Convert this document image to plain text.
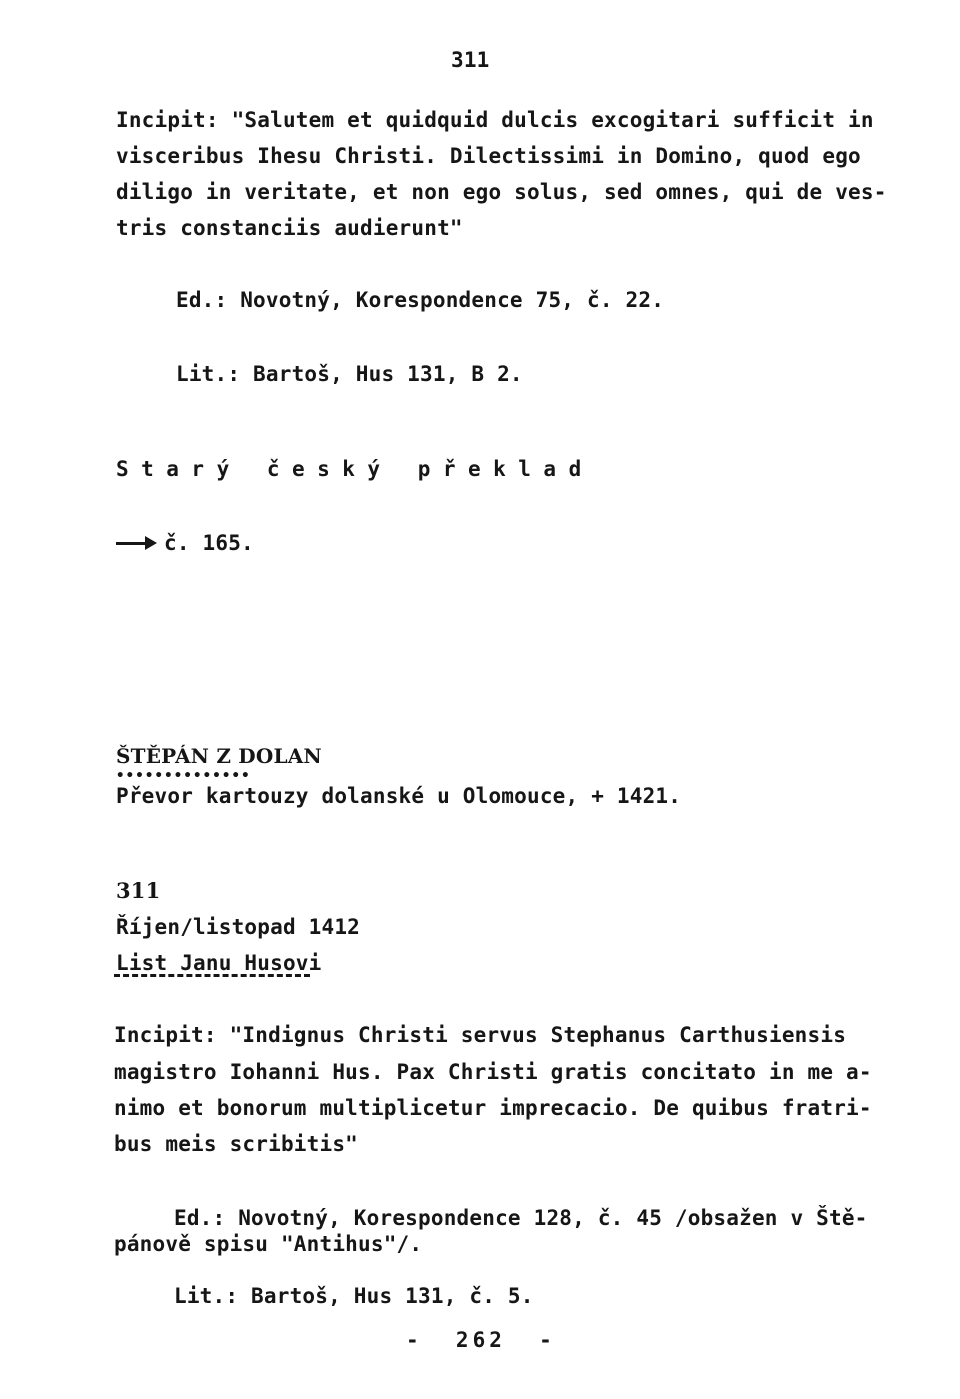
311
Incipit: "Salutem et quidquid dulcis excogitari sufficit in
visceribus Ihesu Christi. Dilectissimi in Domino, quod ego
diligo in veritate, et non ego solus, sed omnes, qui de ves-
tris constanciis audierunt"
Ed.: Novotný, Korespondence 75, č. 22.
Lit.: Bartoš, Hus 131, B 2.
Starý český překlad
č. 165.
ŠTĚPÁN Z DOLAN
••••••••••••••
Převor kartouzy dolanské u Olomouce, + 1421.
311
Říjen/listopad 1412
List Janu Husovi
Incipit: "Indignus Christi servus Stephanus Carthusiensis
magistro Iohanni Hus. Pax Christi gratis concitato in me a-
nimo et bonorum multiplicetur imprecacio. De quibus fratri-
bus meis scribitis"
Ed.: Novotný, Korespondence 128, č. 45 /obsažen v Ště-
pánově spisu "Antihus"/.
Lit.: Bartoš, Hus 131, č. 5.
-  262  -
